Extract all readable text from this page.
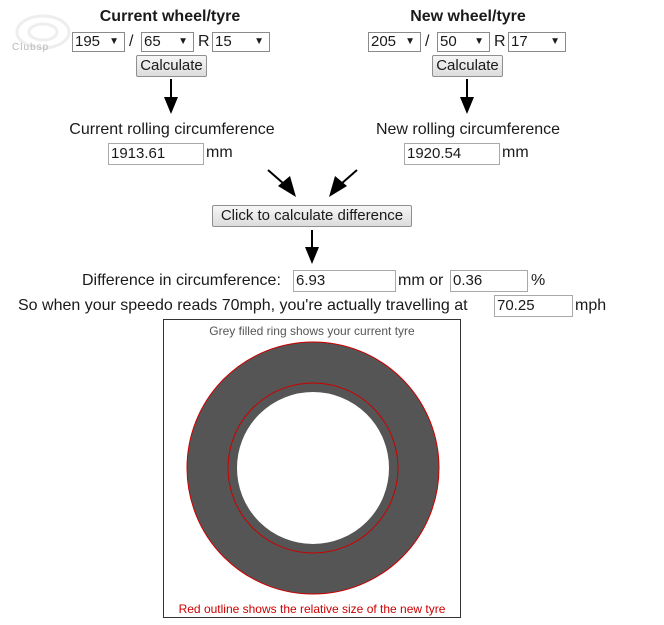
Clubsp
Current wheel/tyre
195 ▼ / 65 ▼ R 15 ▼
Calculate
New wheel/tyre
205 ▼ / 50 ▼ R 17 ▼
Calculate
Current rolling circumference
1913.61	mm
New rolling circumference
1920.54	mm
Click to calculate difference
Difference in circumference: 6.93	mm or 0.36	%
So when your speedo reads 70mph, you're actually travelling at 70.25	mph
Grey filled ring shows your current tyre
Red outline shows the relative size of the new tyre
